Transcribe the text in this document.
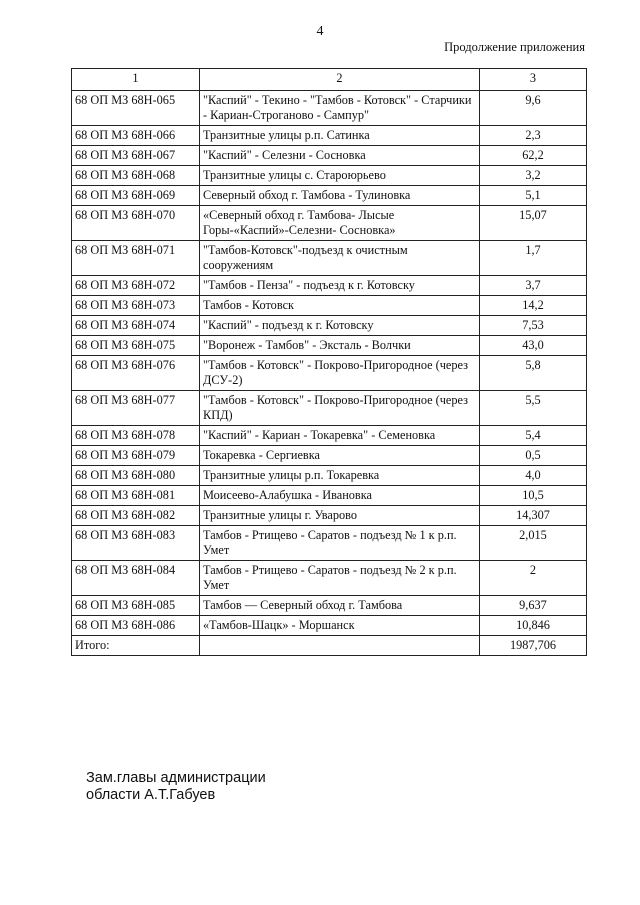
4
Продолжение приложения
1	2	3
68 ОП МЗ 68Н-065	"Каспий" - Текино - "Тамбов - Котовск" - Старчики - Кариан-Строганово - Сампур"	9,6
68 ОП МЗ 68Н-066	Транзитные улицы р.п. Сатинка	2,3
68 ОП МЗ 68Н-067	"Каспий" - Селезни - Сосновка	62,2
68 ОП МЗ 68Н-068	Транзитные улицы с. Староюрьево	3,2
68 ОП МЗ 68Н-069	Северный обход г. Тамбова - Тулиновка	5,1
68 ОП МЗ 68Н-070	«Северный обход г. Тамбова- Лысые Горы-«Каспий»-Селезни- Сосновка»	15,07
68 ОП МЗ 68Н-071	"Тамбов-Котовск"-подъезд к очистным сооружениям	1,7
68 ОП МЗ 68Н-072	"Тамбов - Пенза" - подъезд к г. Котовску	3,7
68 ОП МЗ 68Н-073	Тамбов - Котовск	14,2
68 ОП МЗ 68Н-074	"Каспий" - подъезд к г. Котовску	7,53
68 ОП МЗ 68Н-075	"Воронеж - Тамбов" - Эксталь - Волчки	43,0
68 ОП МЗ 68Н-076	"Тамбов - Котовск" - Покрово-Пригородное (через ДСУ-2)	5,8
68 ОП МЗ 68Н-077	"Тамбов - Котовск" - Покрово-Пригородное (через КПД)	5,5
68 ОП МЗ 68Н-078	"Каспий" - Кариан - Токаревка" - Семеновка	5,4
68 ОП МЗ 68Н-079	Токаревка - Сергиевка	0,5
68 ОП МЗ 68Н-080	Транзитные улицы р.п. Токаревка	4,0
68 ОП МЗ 68Н-081	Моисеево-Алабушка - Ивановка	10,5
68 ОП МЗ 68Н-082	Транзитные улицы г. Уварово	14,307
68 ОП МЗ 68Н-083	Тамбов - Ртищево - Саратов - подъезд № 1 к р.п. Умет	2,015
68 ОП МЗ 68Н-084	Тамбов - Ртищево - Саратов - подъезд № 2 к р.п. Умет	2
68 ОП МЗ 68Н-085	Тамбов — Северный обход г. Тамбова	9,637
68 ОП МЗ 68Н-086	«Тамбов-Шацк» - Моршанск	10,846
Итого:		1987,706
Зам.главы администрации
области А.Т.Габуев
